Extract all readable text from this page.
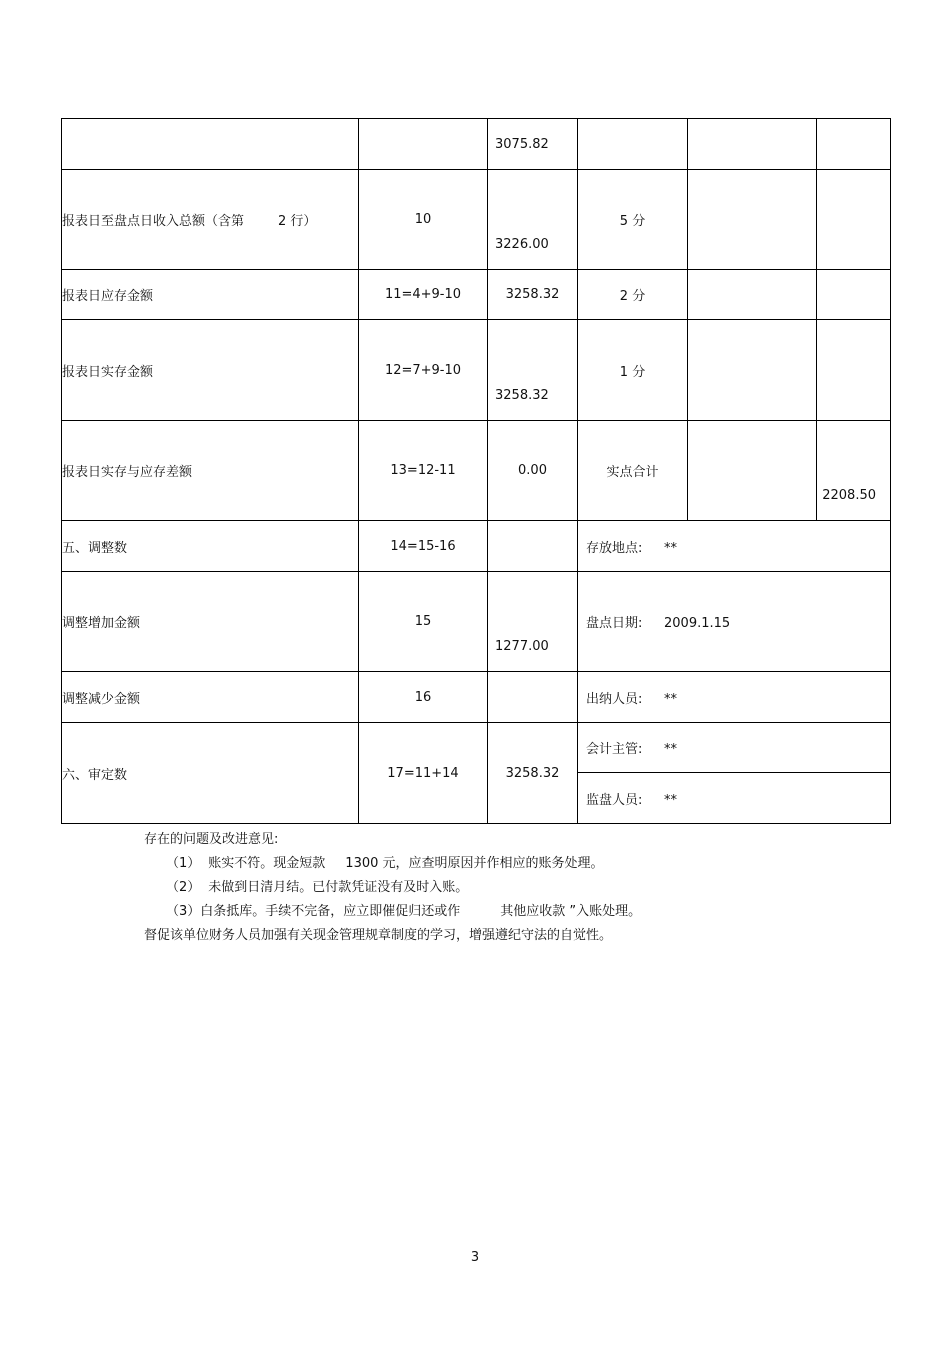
		3075.82			
报表日至盘点日收入总额（含第 2 行）	10	3226.00	5 分		
报表日应存金额	11=4+9-10	3258.32	2 分		
报表日实存金额	12=7+9-10	3258.32	1 分		
报表日实存与应存差额	13=12-11	0.00	实点合计		2208.50
五、调整数	14=15-16		存放地点: **		
调整增加金额	15	1277.00	盘点日期: 2009.1.15		
调整减少金额	16		出纳人员: **		
六、审定数	17=11+14	3258.32	会计主管: **		
			监盘人员: **		
存在的问题及改进意见:
（1） 账实不符。现金短款 1300 元，应查明原因并作相应的账务处理。
（2） 未做到日清月结。已付款凭证没有及时入账。
（3）白条抵库。手续不完备，应立即催促归还或作	其他应收款 ”入账处理。
督促该单位财务人员加强有关现金管理规章制度的学习，增强遵纪守法的自觉性。
3
